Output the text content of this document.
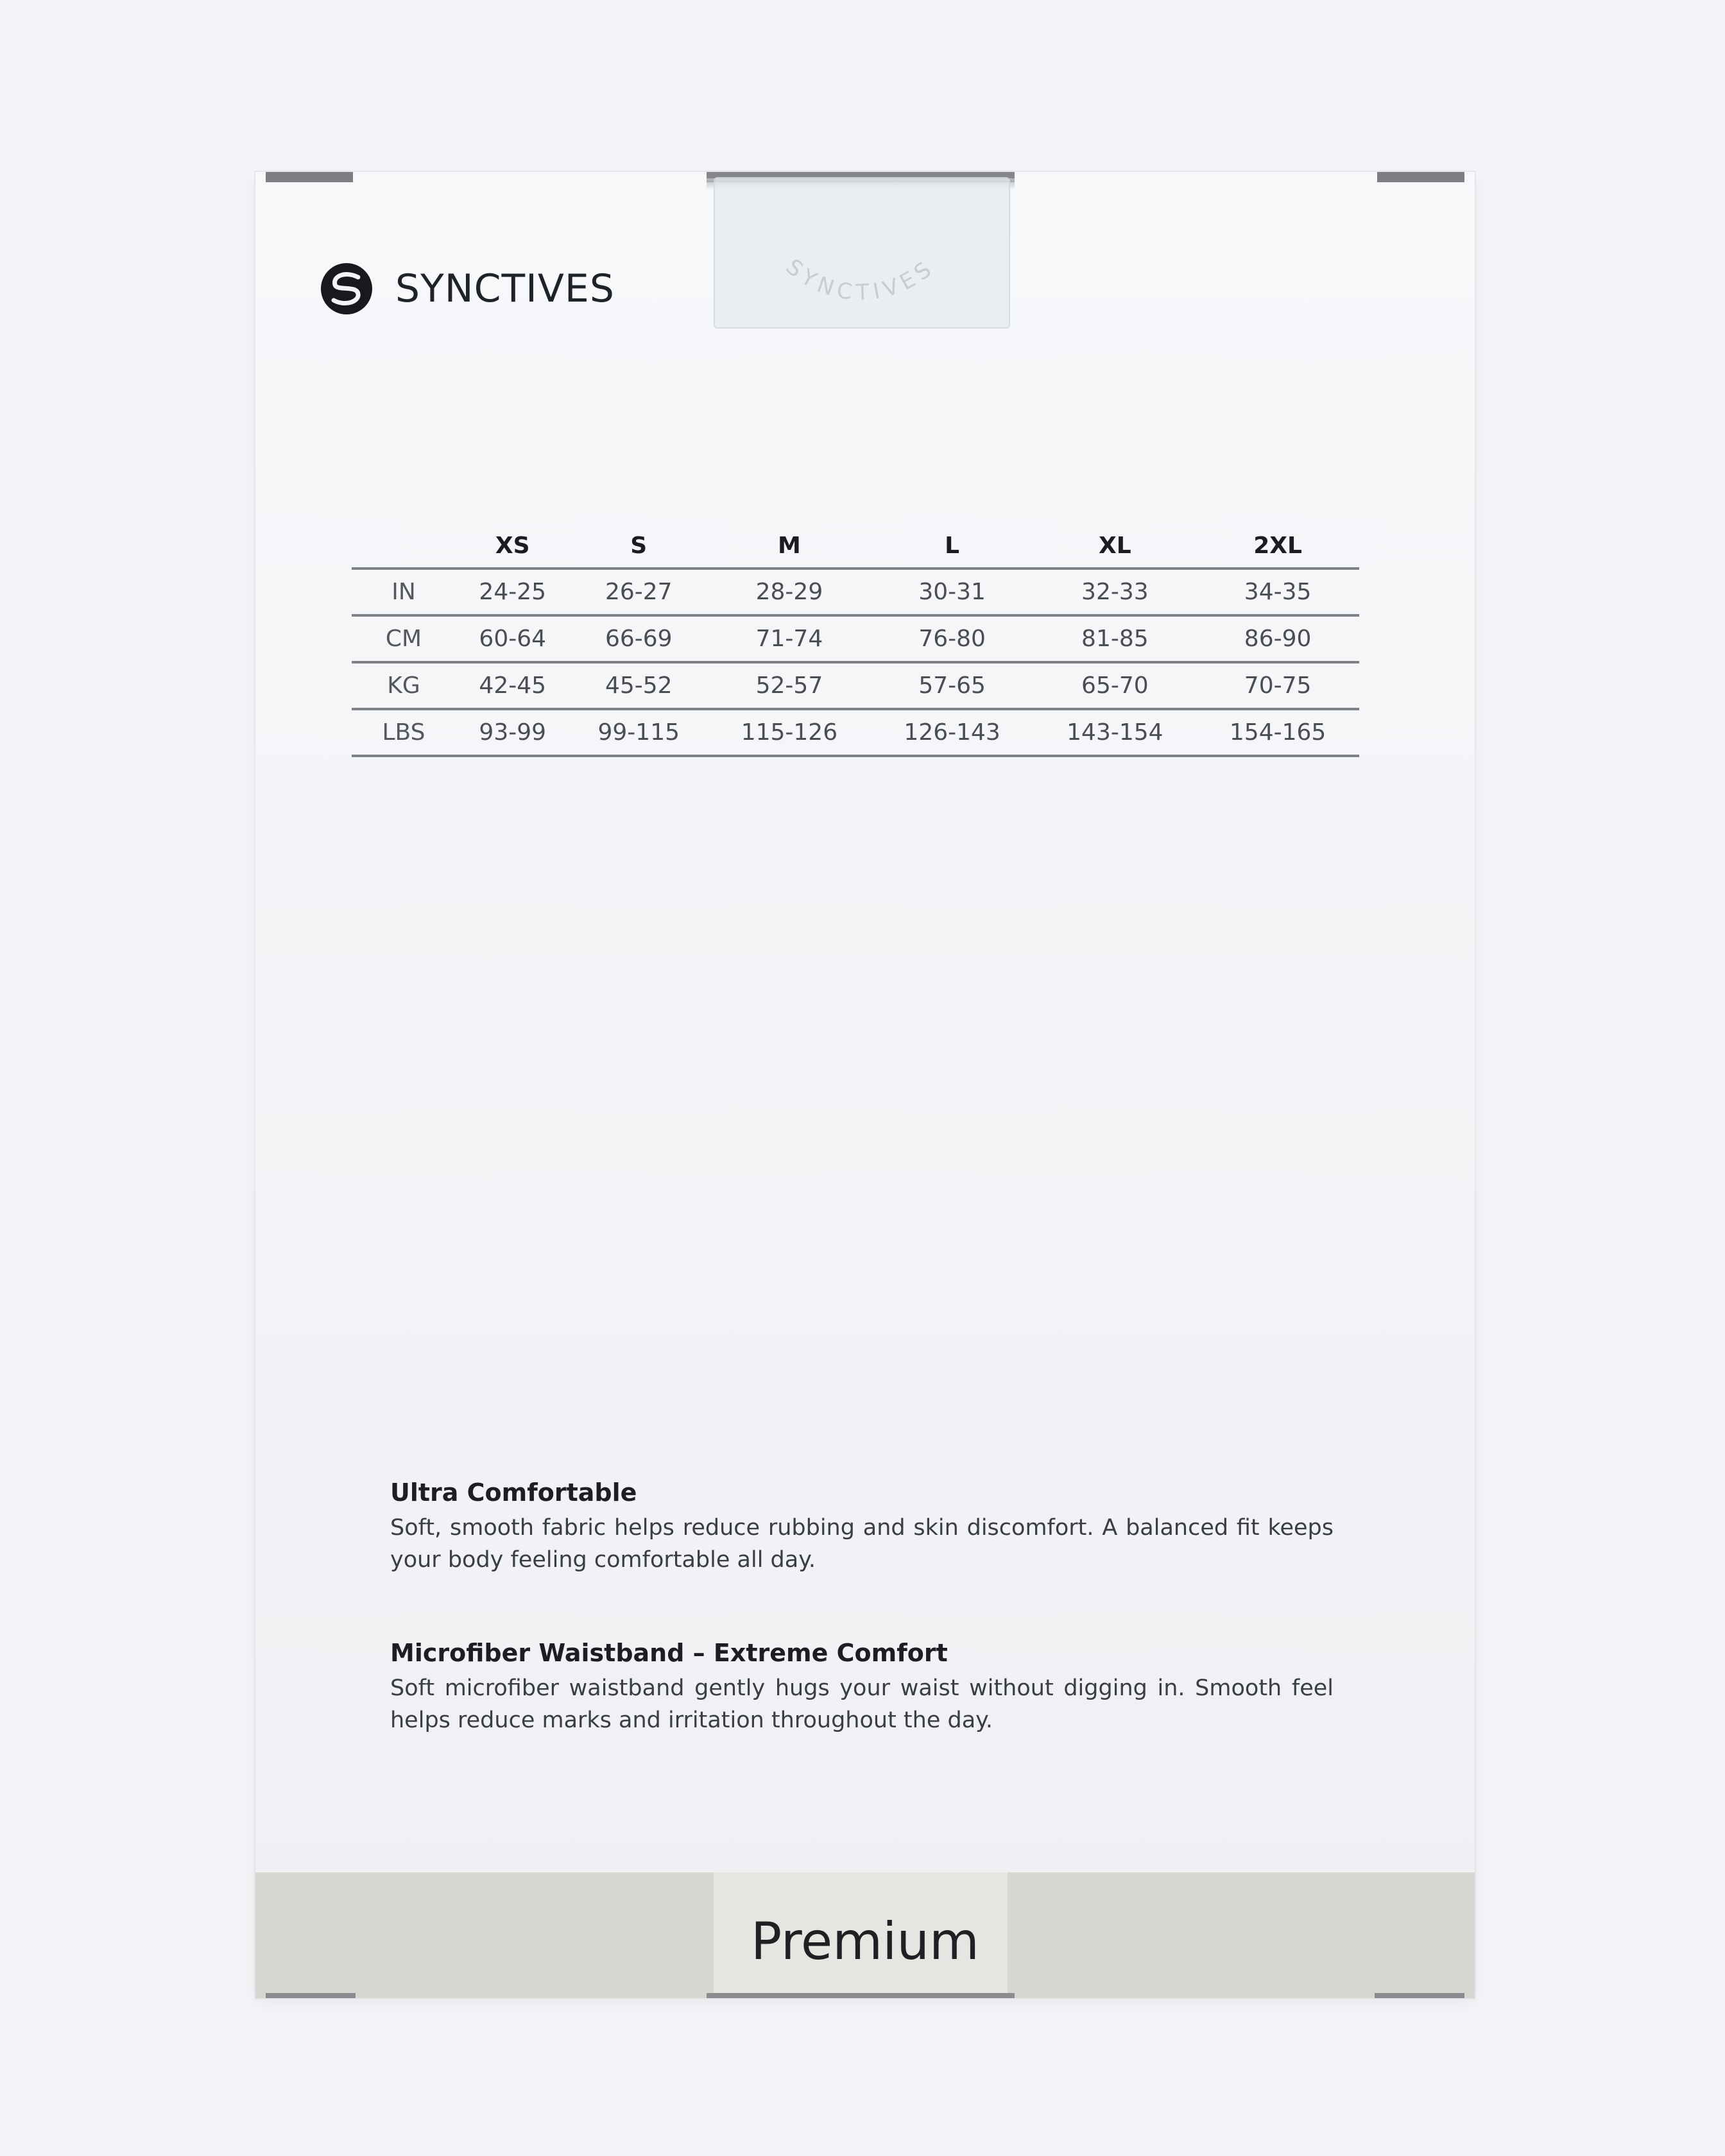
SYNCTIVES
SYNCTIVES
	XS	S	M	L	XL	2XL
IN	24-25	26-27	28-29	30-31	32-33	34-35
CM	60-64	66-69	71-74	76-80	81-85	86-90
KG	42-45	45-52	52-57	57-65	65-70	70-75
LBS	93-99	99-115	115-126	126-143	143-154	154-165
Ultra Comfortable

Soft, smooth fabric helps reduce rubbing and skin discomfort. A balanced fit keeps your body feeling comfortable all day.

Microfiber Waistband – Extreme Comfort

Soft microfiber waistband gently hugs your waist without digging in. Smooth feel helps reduce marks and irritation throughout the day.

Premium
